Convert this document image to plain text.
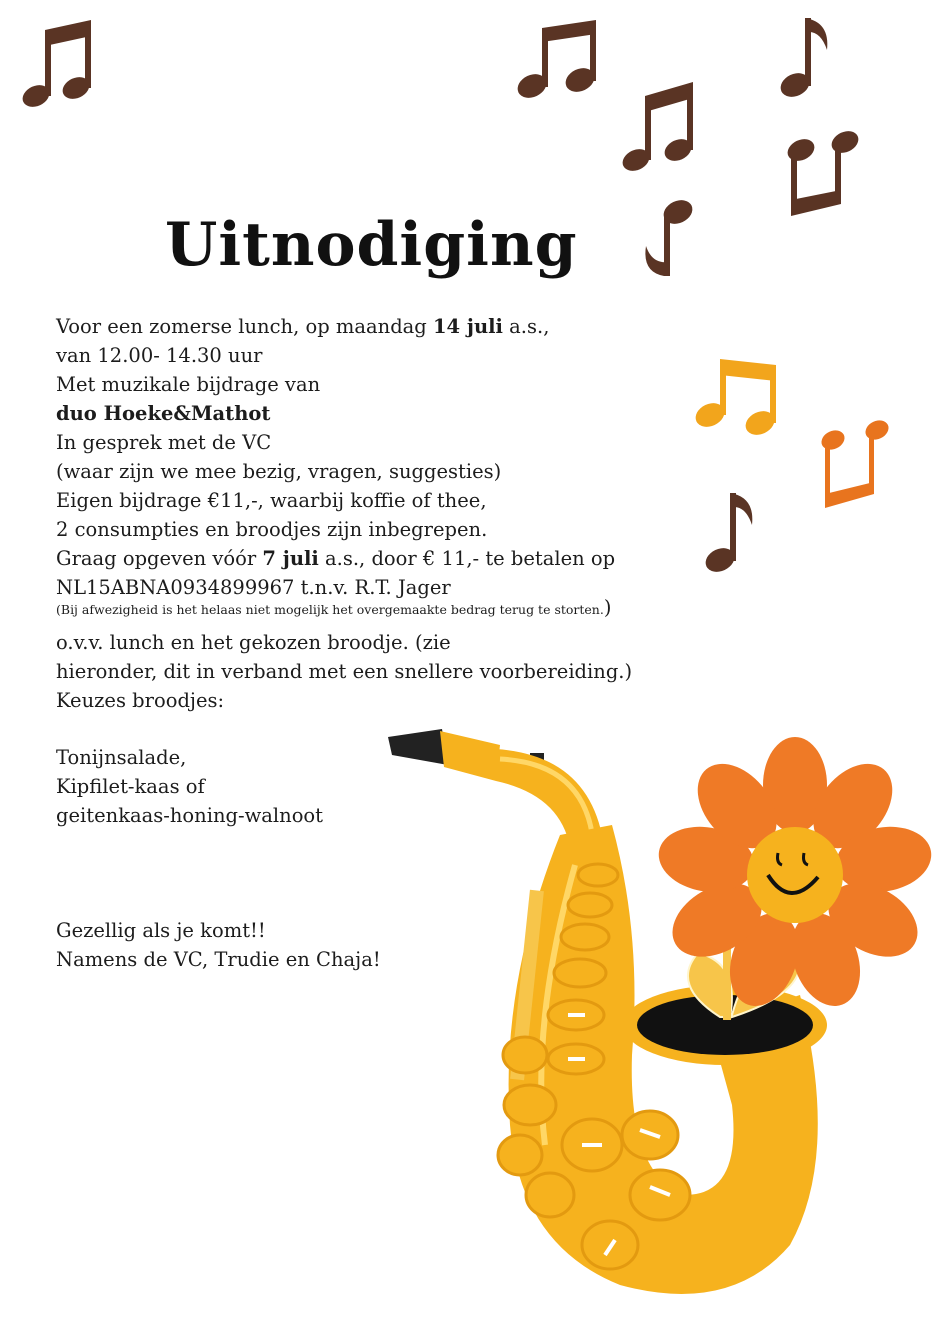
Uitnodiging
Voor een zomerse lunch, op maandag 14 juli a.s.,
van 12.00- 14.30 uur
Met muzikale bijdrage van
duo Hoeke&Mathot
In gesprek met de VC
(waar zijn we mee bezig, vragen, suggesties)
Eigen bijdrage €11,-, waarbij koffie of thee,
2 consumpties en broodjes zijn inbegrepen.
Graag opgeven vóór 7 juli a.s., door € 11,- te betalen op
NL15ABNA0934899967 t.n.v. R.T. Jager
(Bij afwezigheid is het helaas niet mogelijk het overgemaakte bedrag terug te storten.)
o.v.v. lunch en het gekozen broodje. (zie
hieronder, dit in verband met een snellere voorbereiding.)
Keuzes broodjes:
Tonijnsalade,
Kipfilet-kaas of
geitenkaas-honing-walnoot
Gezellig als je komt!!
Namens de VC, Trudie en Chaja!
